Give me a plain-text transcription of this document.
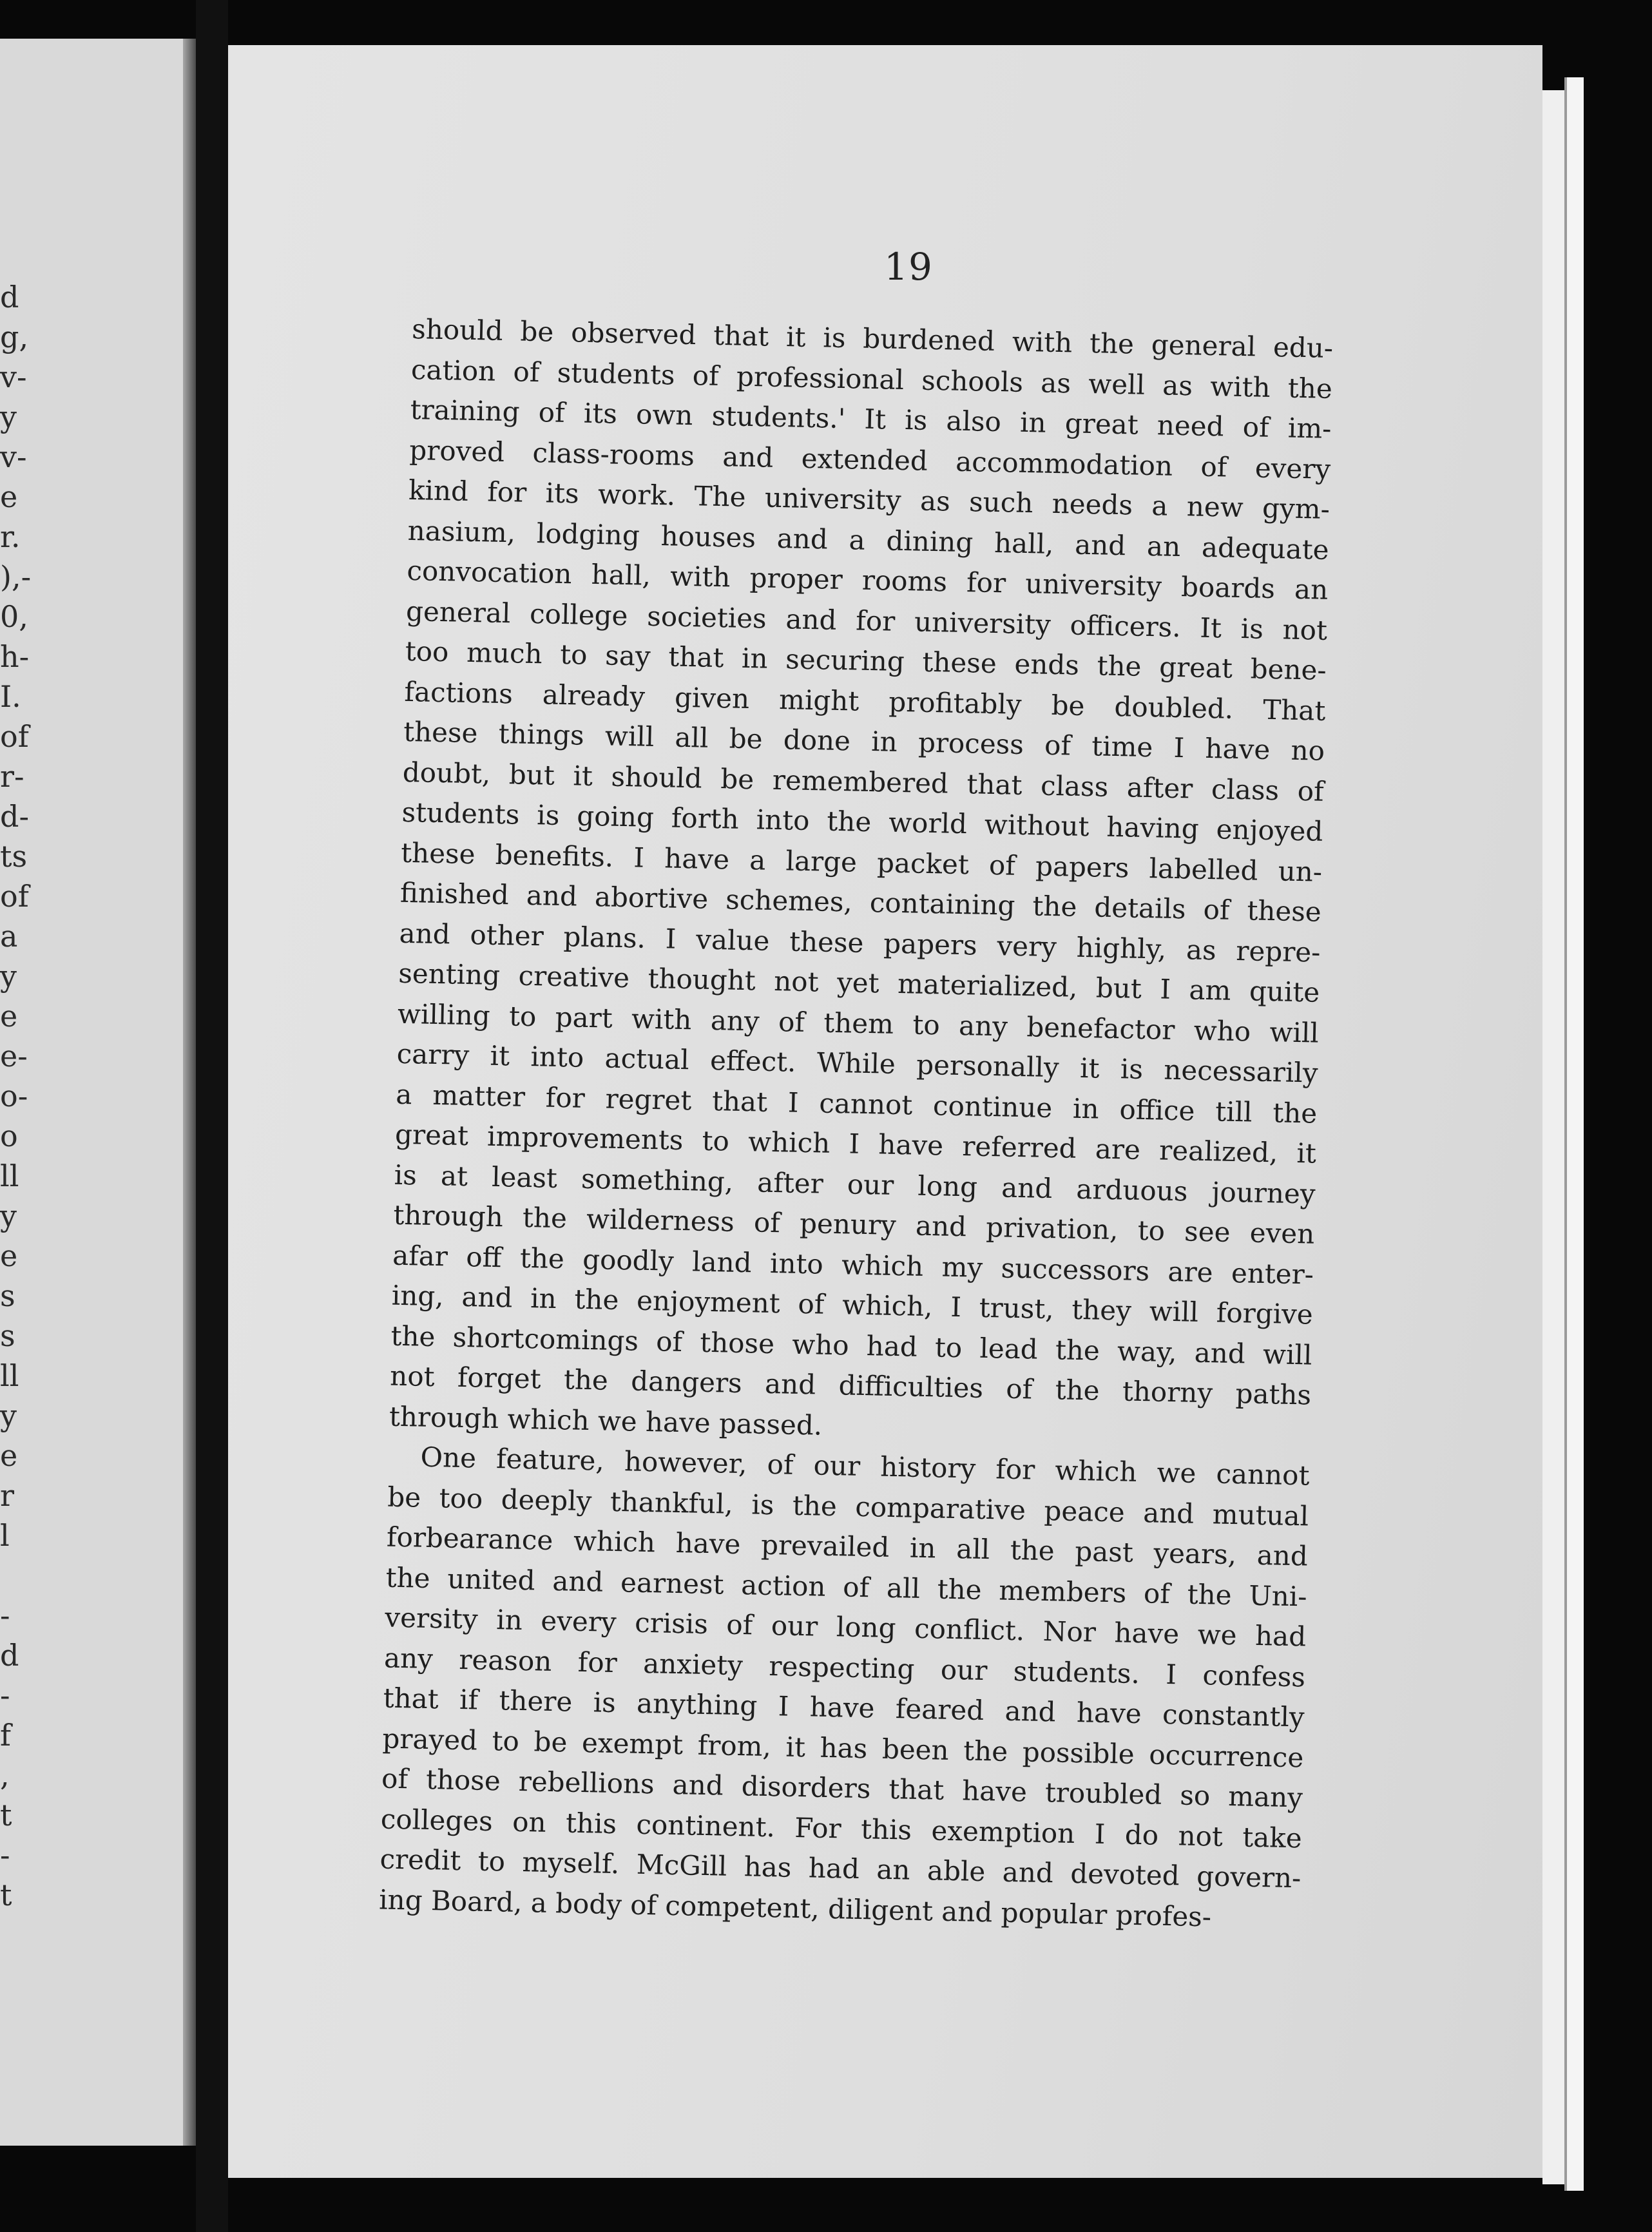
d
g,
v-
y
v-
e
r.
),-
0,
h-
I.
of
r-
d-
ts
of
a
y
e
e-
o-
o
ll
y
e
s
s
ll
y
e
r
l
-
d
-
f
,
t
-
t
19
should be observed that it is burdened with the general edu-
cation of students of professional schools as well as with the
training of its own students.' It is also in great need of im-
proved class-rooms and extended accommodation of every
kind for its work. The university as such needs a new gym-
nasium, lodging houses and a dining hall, and an adequate
convocation hall, with proper rooms for university boards an
general college societies and for university officers. It is not
too much to say that in securing these ends the great bene-
factions already given might profitably be doubled. That
these things will all be done in process of time I have no
doubt, but it should be remembered that class after class of
students is going forth into the world without having enjoyed
these benefits. I have a large packet of papers labelled un-
finished and abortive schemes, containing the details of these
and other plans. I value these papers very highly, as repre-
senting creative thought not yet materialized, but I am quite
willing to part with any of them to any benefactor who will
carry it into actual effect. While personally it is necessarily
a matter for regret that I cannot continue in office till the
great improvements to which I have referred are realized, it
is at least something, after our long and arduous journey
through the wilderness of penury and privation, to see even
afar off the goodly land into which my successors are enter-
ing, and in the enjoyment of which, I trust, they will forgive
the shortcomings of those who had to lead the way, and will
not forget the dangers and difficulties of the thorny paths
through which we have passed.
One feature, however, of our history for which we cannot
be too deeply thankful, is the comparative peace and mutual
forbearance which have prevailed in all the past years, and
the united and earnest action of all the members of the Uni-
versity in every crisis of our long conflict. Nor have we had
any reason for anxiety respecting our students. I confess
that if there is anything I have feared and have constantly
prayed to be exempt from, it has been the possible occurrence
of those rebellions and disorders that have troubled so many
colleges on this continent. For this exemption I do not take
credit to myself. McGill has had an able and devoted govern-
ing Board, a body of competent, diligent and popular profes-
